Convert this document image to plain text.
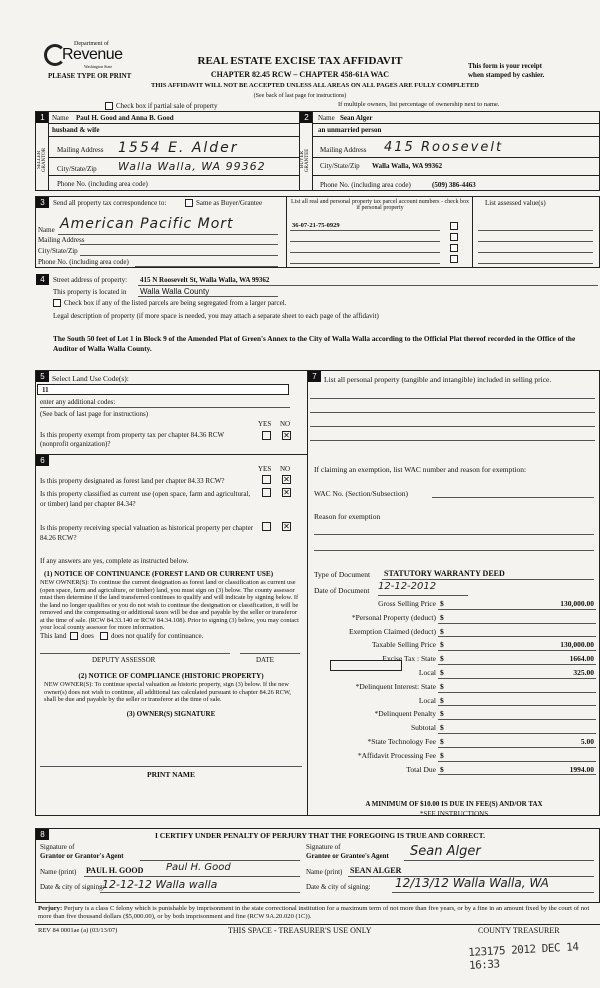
Department of
Revenue
Washington State
PLEASE TYPE OR PRINT
REAL ESTATE EXCISE TAX AFFIDAVIT
CHAPTER 82.45 RCW – CHAPTER 458-61A WAC
This form is your receipt
when stamped by cashier.
THIS AFFIDAVIT WILL NOT BE ACCEPTED UNLESS ALL AREAS ON ALL PAGES ARE FULLY COMPLETED
(See back of last page for instructions)
Check box if partial sale of property	If multiple owners, list percentage of ownership next to name.
1
SELLER GRANTOR
Name Paul H. Good and Anna B. Good
husband & wife
Mailing Address 1554 E. Alder
City/State/Zip Walla Walla, WA 99362
Phone No. (including area code)
2
BUYER GRANTEE
Name Sean Alger
an unmarried person
Mailing Address 415 Roosevelt
City/State/Zip Walla Walla, WA 99362
Phone No. (including area code)	(509) 386-4463
3	Send all property tax correspondence to:	Same as Buyer/Grantee	List all real and personal property tax parcel account numbers - check box if personal property
List assessed value(s)
Name American Pacific Mort
Mailing Address
City/State/Zip
Phone No. (including area code)
36-07-21-75-0929
4	Street address of property: 415 N Roosevelt St, Walla Walla, WA 99362
This property is located in Walla Walla County
Check box if any of the listed parcels are being segregated from a larger parcel.
Legal description of property (if more space is needed, you may attach a separate sheet to each page of the affidavit)
The South 50 feet of Lot 1 in Block 9 of the Amended Plat of Green's Annex to the City of Walla Walla according to the Official Plat thereof recorded in the Office of the Auditor of Walla Walla County.
5 Select Land Use Code(s):
11
enter any additional codes:
(See back of last page for instructions)
YES NO
Is this property exempt from property tax per chapter 84.36 RCW (nonprofit organization)?
✕
6
YES NO
Is this property designated as forest land per chapter 84.33 RCW?	✕
Is this property classified as current use (open space, farm and agricultural, or timber) land per chapter 84.34?
✕
Is this property receiving special valuation as historical property per chapter 84.26 RCW?
✕
If any answers are yes, complete as instructed below.
(1) NOTICE OF CONTINUANCE (FOREST LAND OR CURRENT USE)
NEW OWNER(S): To continue the current designation as forest land or classification as current use (open space, farm and agriculture, or timber) land, you must sign on (3) below. The county assessor must then determine if the land transferred continues to qualify and will indicate by signing below. If the land no longer qualifies or you do not wish to continue the designation or classification, it will be removed and the compensating or additional taxes will be due and payable by the seller or transferor at the time of sale. (RCW 84.33.140 or RCW 84.34.108). Prior to signing (3) below, you may contact your local county assessor for more information.
This land does does not qualify for continuance.
DEPUTY ASSESSOR	DATE
(2) NOTICE OF COMPLIANCE (HISTORIC PROPERTY)
NEW OWNER(S): To continue special valuation as historic property, sign (3) below. If the new owner(s) does not wish to continue, all additional tax calculated pursuant to chapter 84.26 RCW, shall be due and payable by the seller or transferor at the time of sale.
(3) OWNER(S) SIGNATURE
PRINT NAME
7 List all personal property (tangible and intangible) included in selling price.
If claiming an exemption, list WAC number and reason for exemption:
WAC No. (Section/Subsection)
Reason for exemption
Type of Document STATUTORY WARRANTY DEED
Date of Document 12-12-2012
Gross Selling Price $	130,000.00
*Personal Property (deduct) $
Exemption Claimed (deduct) $
Taxable Selling Price $	130,000.00
Excise Tax : State $	1664.00
Local $	325.00
*Delinquent Interest: State $
Local $
*Delinquent Penalty $
Subtotal $
*State Technology Fee $	5.00
*Affidavit Processing Fee $
Total Due $	1994.00
A MINIMUM OF $10.00 IS DUE IN FEE(S) AND/OR TAX
*SEE INSTRUCTIONS
8	I CERTIFY UNDER PENALTY OF PERJURY THAT THE FOREGOING IS TRUE AND CORRECT.
Signature of
Grantor or Grantor's Agent
Name (print) PAUL H. GOOD Paul H. Good
Date & city of signing:
12-12-12 Walla walla
Signature of
Grantee or Grantee's Agent Sean Alger
Name (print) SEAN ALGER
Date & city of signing: 12/13/12 Walla Walla, WA
Perjury: Perjury is a class C felony which is punishable by imprisonment in the state correctional institution for a maximum term of not more than five years, or by a fine in an amount fixed by the court of not more than five thousand dollars ($5,000.00), or by both imprisonment and fine (RCW 9A.20.020 (1C)).
REV 84 0001ae (a) (03/13/07)	THIS SPACE - TREASURER'S USE ONLY	COUNTY TREASURER
123175 2012 DEC 14 16:33
